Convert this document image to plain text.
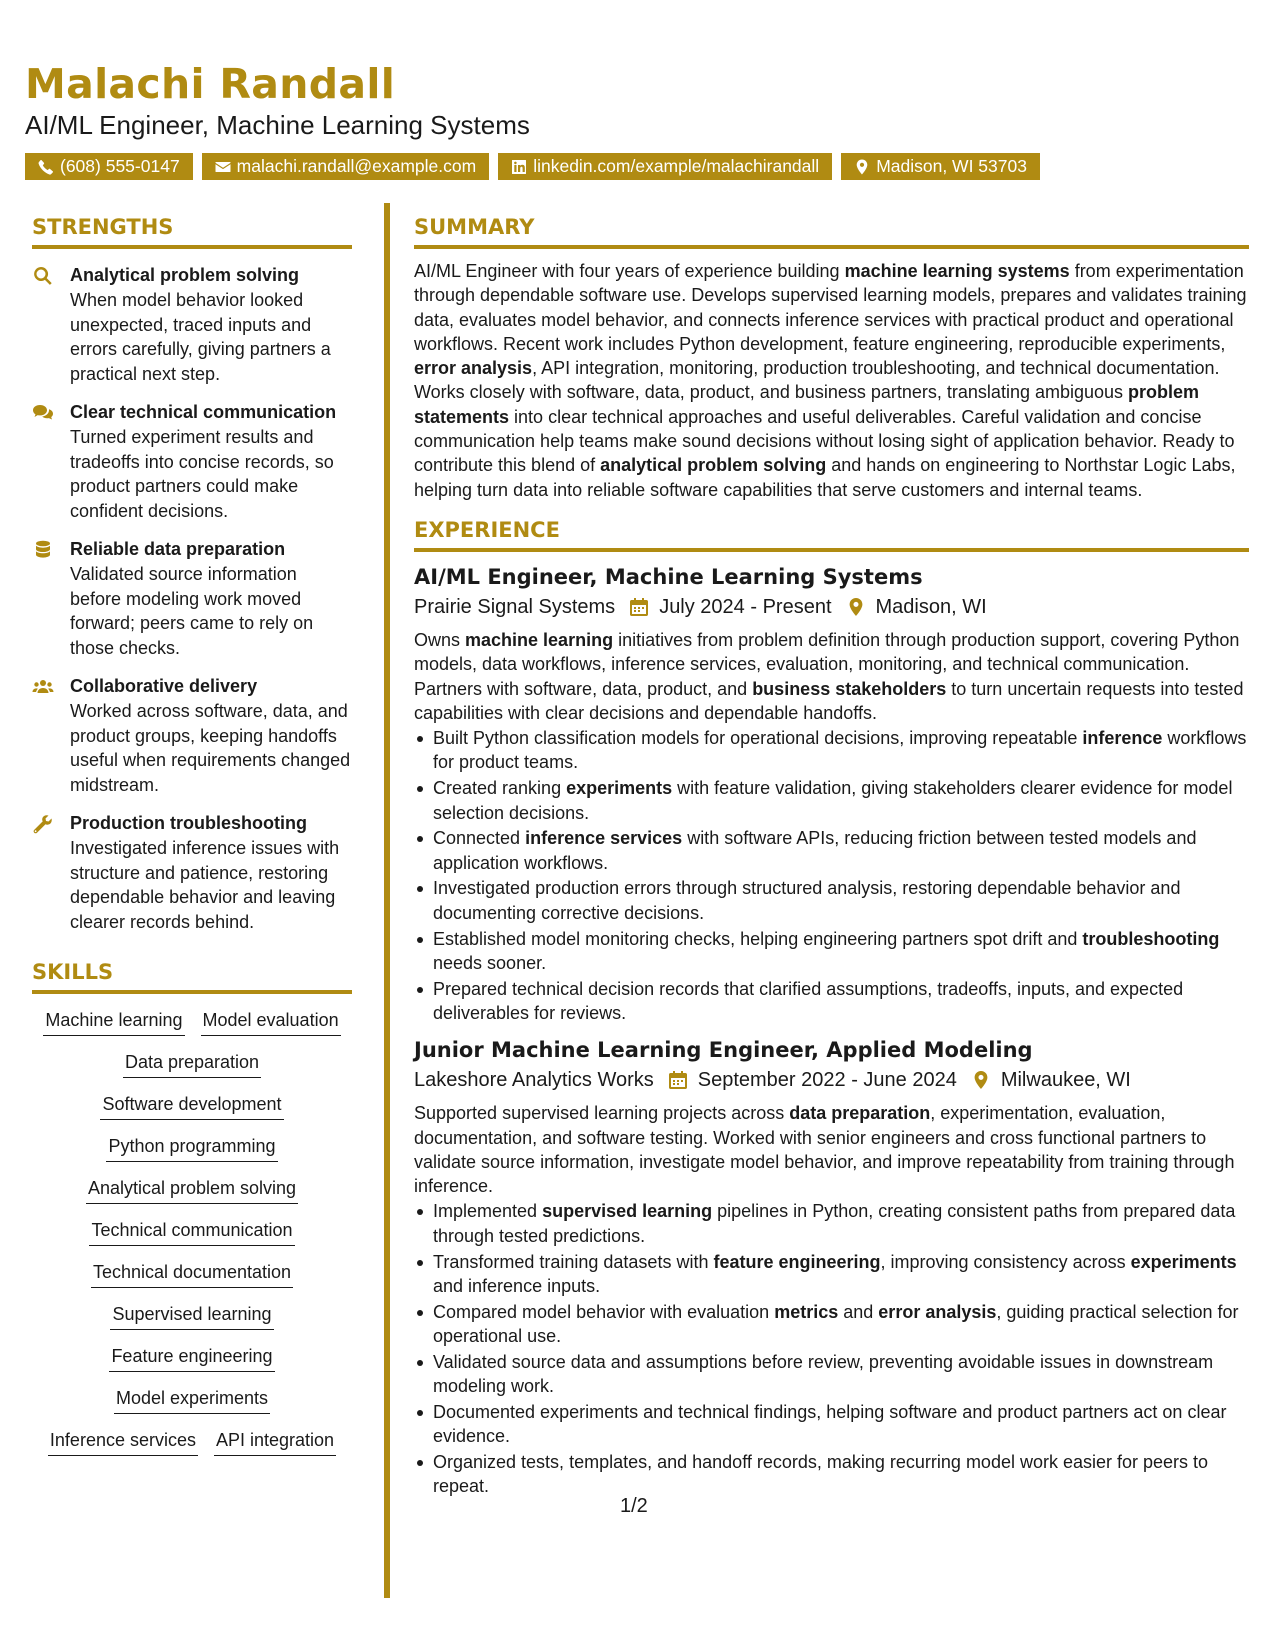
Malachi Randall
AI/ML Engineer, Machine Learning Systems
(608) 555-0147	malachi.randall@example.com	linkedin.com/example/malachirandall	Madison, WI 53703
STRENGTHS
Analytical problem solving
When model behavior looked unexpected, traced inputs and errors carefully, giving partners a practical next step.
Clear technical communication
Turned experiment results and tradeoffs into concise records, so product partners could make confident decisions.
Reliable data preparation
Validated source information before modeling work moved forward; peers came to rely on those checks.
Collaborative delivery
Worked across software, data, and product groups, keeping handoffs useful when requirements changed midstream.
Production troubleshooting
Investigated inference issues with structure and patience, restoring dependable behavior and leaving clearer records behind.
SKILLS
Machine learning Model evaluation
Data preparation
Software development
Python programming
Analytical problem solving
Technical communication
Technical documentation
Supervised learning
Feature engineering
Model experiments
Inference services API integration
SUMMARY

AI/ML Engineer with four years of experience building machine learning systems from experimentation through dependable software use. Develops supervised learning models, prepares and validates training data, evaluates model behavior, and connects inference services with practical product and operational workflows. Recent work includes Python development, feature engineering, reproducible experiments, error analysis, API integration, monitoring, production troubleshooting, and technical documentation. Works closely with software, data, product, and business partners, translating ambiguous problem statements into clear technical approaches and useful deliverables. Careful validation and concise communication help teams make sound decisions without losing sight of application behavior. Ready to contribute this blend of analytical problem solving and hands on engineering to Northstar Logic Labs, helping turn data into reliable software capabilities that serve customers and internal teams.

EXPERIENCE
AI/ML Engineer, Machine Learning Systems
Prairie Signal Systems July 2024 - Present Madison, WI

Owns machine learning initiatives from problem definition through production support, covering Python models, data workflows, inference services, evaluation, monitoring, and technical communication. Partners with software, data, product, and business stakeholders to turn uncertain requests into tested capabilities with clear decisions and dependable handoffs.

Built Python classification models for operational decisions, improving repeatable inference workflows for product teams.
Created ranking experiments with feature validation, giving stakeholders clearer evidence for model selection decisions.
Connected inference services with software APIs, reducing friction between tested models and application workflows.
Investigated production errors through structured analysis, restoring dependable behavior and documenting corrective decisions.
Established model monitoring checks, helping engineering partners spot drift and troubleshooting needs sooner.
Prepared technical decision records that clarified assumptions, tradeoffs, inputs, and expected deliverables for reviews.
Junior Machine Learning Engineer, Applied Modeling
Lakeshore Analytics Works September 2022 - June 2024 Milwaukee, WI

Supported supervised learning projects across data preparation, experimentation, evaluation, documentation, and software testing. Worked with senior engineers and cross functional partners to validate source information, investigate model behavior, and improve repeatability from training through inference.

Implemented supervised learning pipelines in Python, creating consistent paths from prepared data through tested predictions.
Transformed training datasets with feature engineering, improving consistency across experiments and inference inputs.
Compared model behavior with evaluation metrics and error analysis, guiding practical selection for operational use.
Validated source data and assumptions before review, preventing avoidable issues in downstream modeling work.
Documented experiments and technical findings, helping software and product partners act on clear evidence.
Organized tests, templates, and handoff records, making recurring model work easier for peers to repeat.
1/2
